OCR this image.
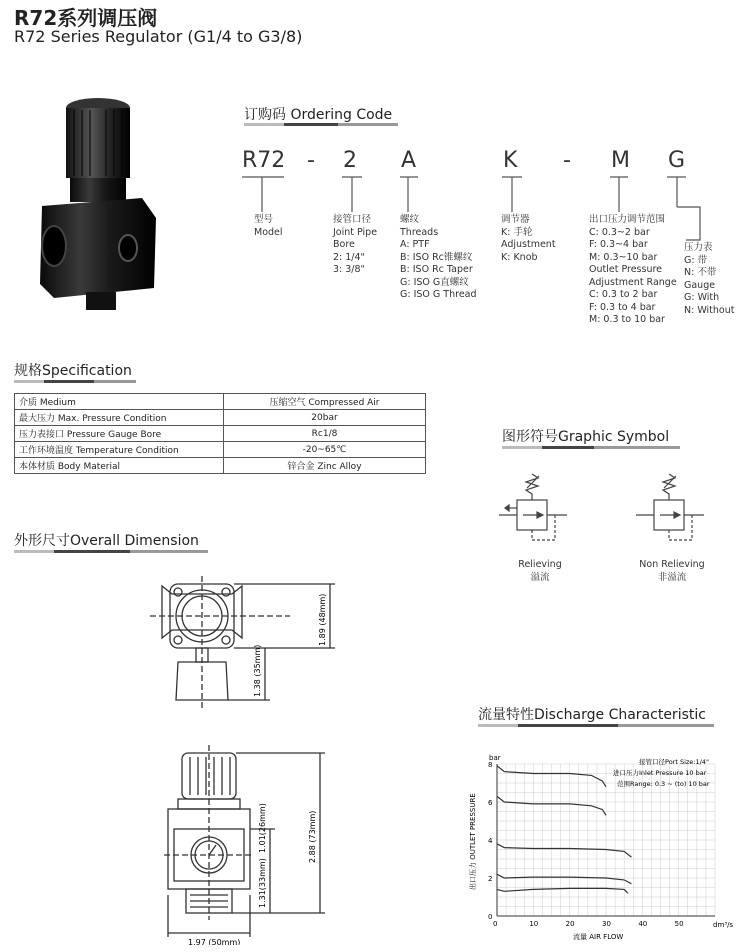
R72系列调压阀
R72 Series Regulator (G1/4 to G3/8)
订购码 Ordering Code
R72 - 2 A	K - M G
型号
Model
接管口径
Joint Pipe
Bore
2: 1/4"
3: 3/8"
螺纹
Threads
A: PTF
B: ISO Rc锥螺纹
B: ISO Rc Taper
G: ISO G直螺纹
G: ISO G Thread
调节器
K: 手轮
Adjustment
K: Knob
出口压力调节范围
C: 0.3~2 bar
F: 0.3~4 bar
M: 0.3~10 bar
Outlet Pressure
Adjustment Range
C: 0.3 to 2 bar
F: 0.3 to 4 bar
M: 0.3 to 10 bar
压力表
G: 带
N: 不带
Gauge
G: With
N: Without
规格Specification
介质 Medium	压缩空气 Compressed Air
最大压力 Max. Pressure Condition	20bar
压力表接口 Pressure Gauge Bore	Rc1/8
工作环境温度 Temperature Condition	-20~65℃
本体材质 Body Material	锌合金 Zinc Alloy
图形符号Graphic Symbol
Relieving
溢流
Non Relieving
非溢流
外形尺寸Overall Dimension
1.89 (48mm)
1.38 (35mm)
1.01(26mm)	2.88 (73mm)
1.31(33mm)
1.97 (50mm)
流量特性Discharge Characteristic
0	10	20	30	40	50
0
2
4
6
8
bar
dm³/s
流量 AIR FLOW
出口压力 OUTLET PRESSURE
接管口径Port Size:1/4"
进口压力Inlet Pressure 10 bar
范围Range: 0.3 ~ (to) 10 bar
